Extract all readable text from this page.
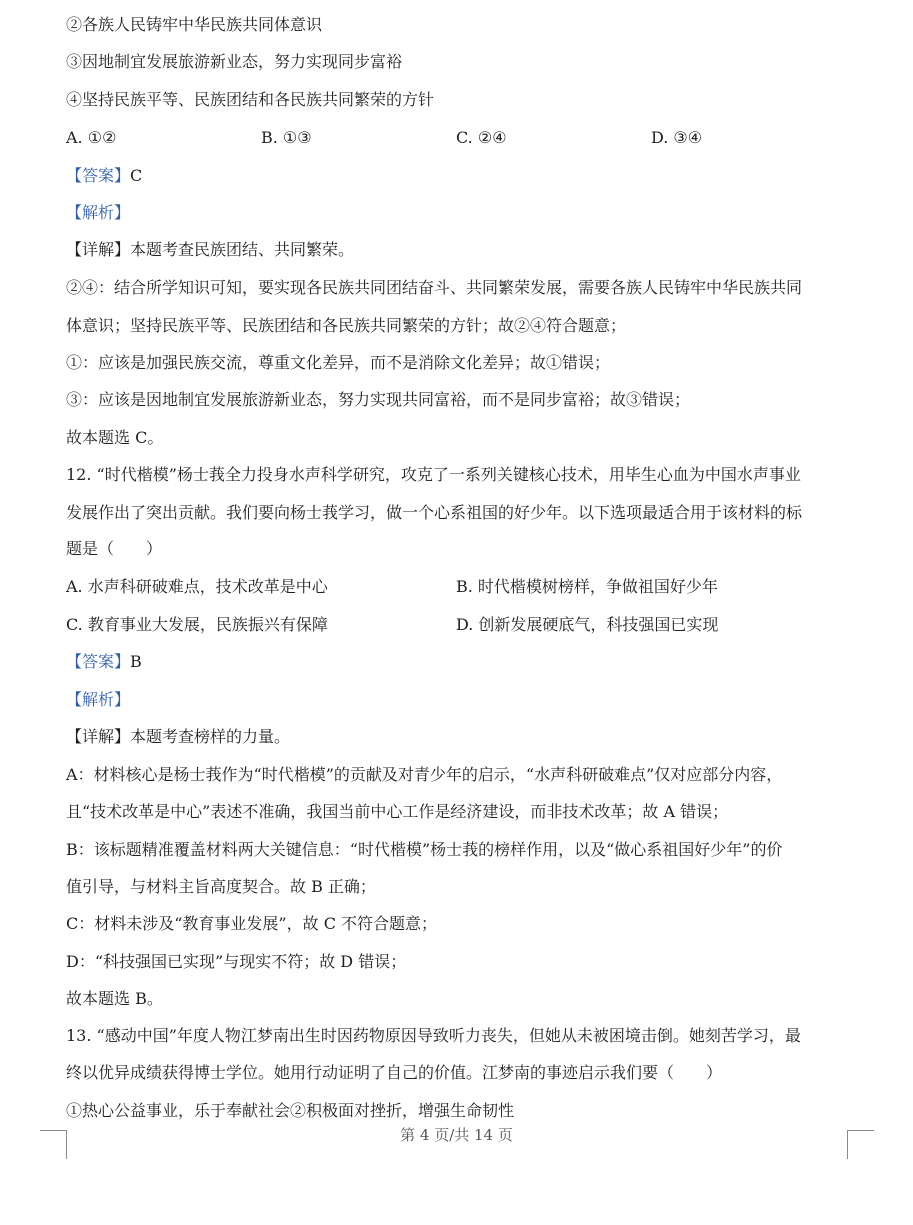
②各族人民铸牢中华民族共同体意识
③因地制宜发展旅游新业态，努力实现同步富裕
④坚持民族平等、民族团结和各民族共同繁荣的方针
A. ①②	B. ①③	C. ②④	D. ③④
【答案】C
【解析】
【详解】本题考查民族团结、共同繁荣。
②④：结合所学知识可知，要实现各民族共同团结奋斗、共同繁荣发展，需要各族人民铸牢中华民族共同
体意识；坚持民族平等、民族团结和各民族共同繁荣的方针；故②④符合题意；
①：应该是加强民族交流，尊重文化差异，而不是消除文化差异；故①错误；
③：应该是因地制宜发展旅游新业态，努力实现共同富裕，而不是同步富裕；故③错误；
故本题选 C。
12. “时代楷模”杨士莪全力投身水声科学研究，攻克了一系列关键核心技术，用毕生心血为中国水声事业
发展作出了突出贡献。我们要向杨士莪学习，做一个心系祖国的好少年。以下选项最适合用于该材料的标
题是（　　）
A. 水声科研破难点，技术改革是中心	B. 时代楷模树榜样，争做祖国好少年
C. 教育事业大发展，民族振兴有保障	D. 创新发展硬底气，科技强国已实现
【答案】B
【解析】
【详解】本题考查榜样的力量。
A：材料核心是杨士莪作为“时代楷模”的贡献及对青少年的启示，“水声科研破难点”仅对应部分内容，
且“技术改革是中心”表述不准确，我国当前中心工作是经济建设，而非技术改革；故 A 错误；
B：该标题精准覆盖材料两大关键信息：“时代楷模”杨士莪的榜样作用，以及“做心系祖国好少年”的价
值引导，与材料主旨高度契合。故 B 正确；
C：材料未涉及“教育事业发展”，故 C 不符合题意；
D：“科技强国已实现”与现实不符；故 D 错误；
故本题选 B。
13. “感动中国”年度人物江梦南出生时因药物原因导致听力丧失，但她从未被困境击倒。她刻苦学习，最
终以优异成绩获得博士学位。她用行动证明了自己的价值。江梦南的事迹启示我们要（　　）
①热心公益事业，乐于奉献社会②积极面对挫折，增强生命韧性
第 4 页/共 14 页
